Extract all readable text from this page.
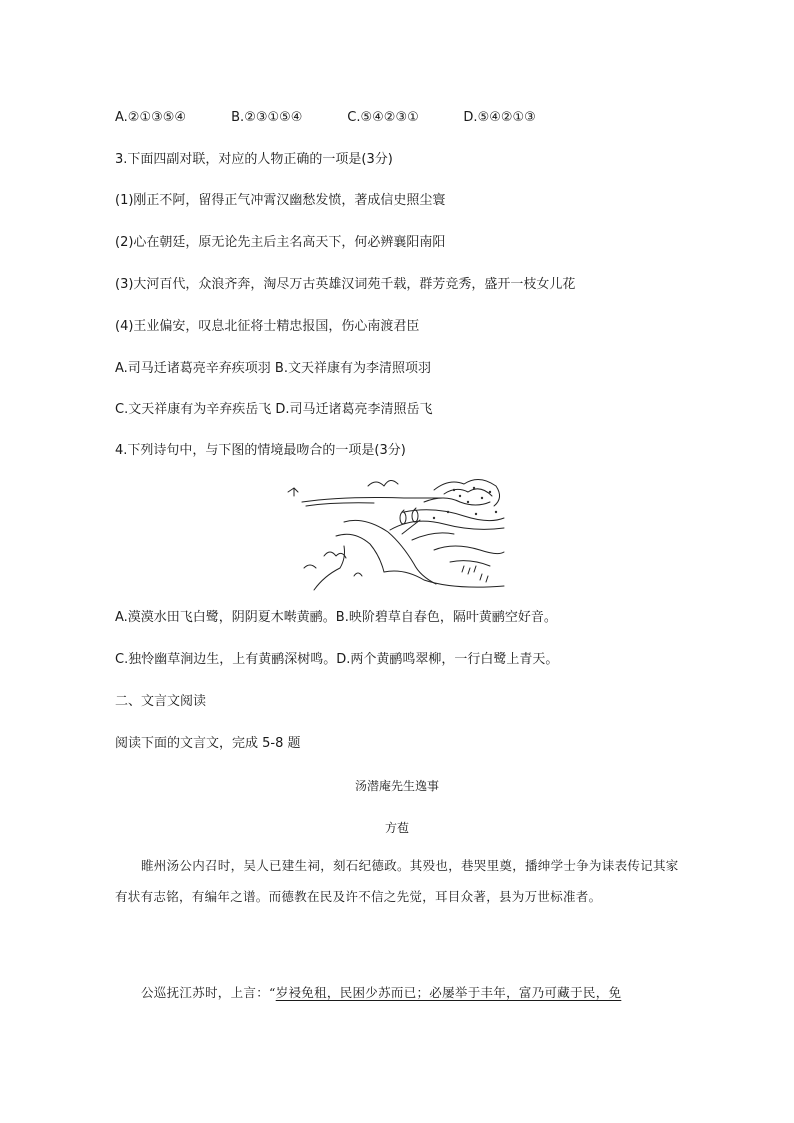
A.②①③⑤④	B.②③①⑤④	C.⑤④②③①	D.⑤④②①③
3.下面四副对联，对应的人物正确的一项是(3分)
(1)刚正不阿，留得正气冲霄汉幽愁发愤，著成信史照尘寰
(2)心在朝廷，原无论先主后主名高天下，何必辨襄阳南阳
(3)大河百代，众浪齐奔，淘尽万古英雄汉词苑千载，群芳竞秀，盛开一枝女儿花
(4)王业偏安，叹息北征将士精忠报国，伤心南渡君臣
A.司马迁诸葛亮辛弃疾项羽 B.文天祥康有为李清照项羽
C.文天祥康有为辛弃疾岳飞 D.司马迁诸葛亮李清照岳飞
4.下列诗句中，与下图的情境最吻合的一项是(3分)
A.漠漠水田飞白鹭，阴阴夏木啭黄鹂。B.映阶碧草自春色，隔叶黄鹂空好音。
C.独怜幽草涧边生，上有黄鹂深树鸣。D.两个黄鹂鸣翠柳，一行白鹭上青天。
二、文言文阅读
阅读下面的文言文，完成 5-8 题
汤潜庵先生逸事
方苞
睢州汤公内召时，吴人已建生祠，刻石纪德政。其殁也，巷哭里奠，播绅学士争为诔表传记其家有状有志铭，有编年之谱。而德教在民及许不信之先觉，耳目众著，县为万世标准者。
公巡抚江苏时，上言：“岁祲免租，民困少苏而已；必屡举于丰年，富乃可藏于民，免
